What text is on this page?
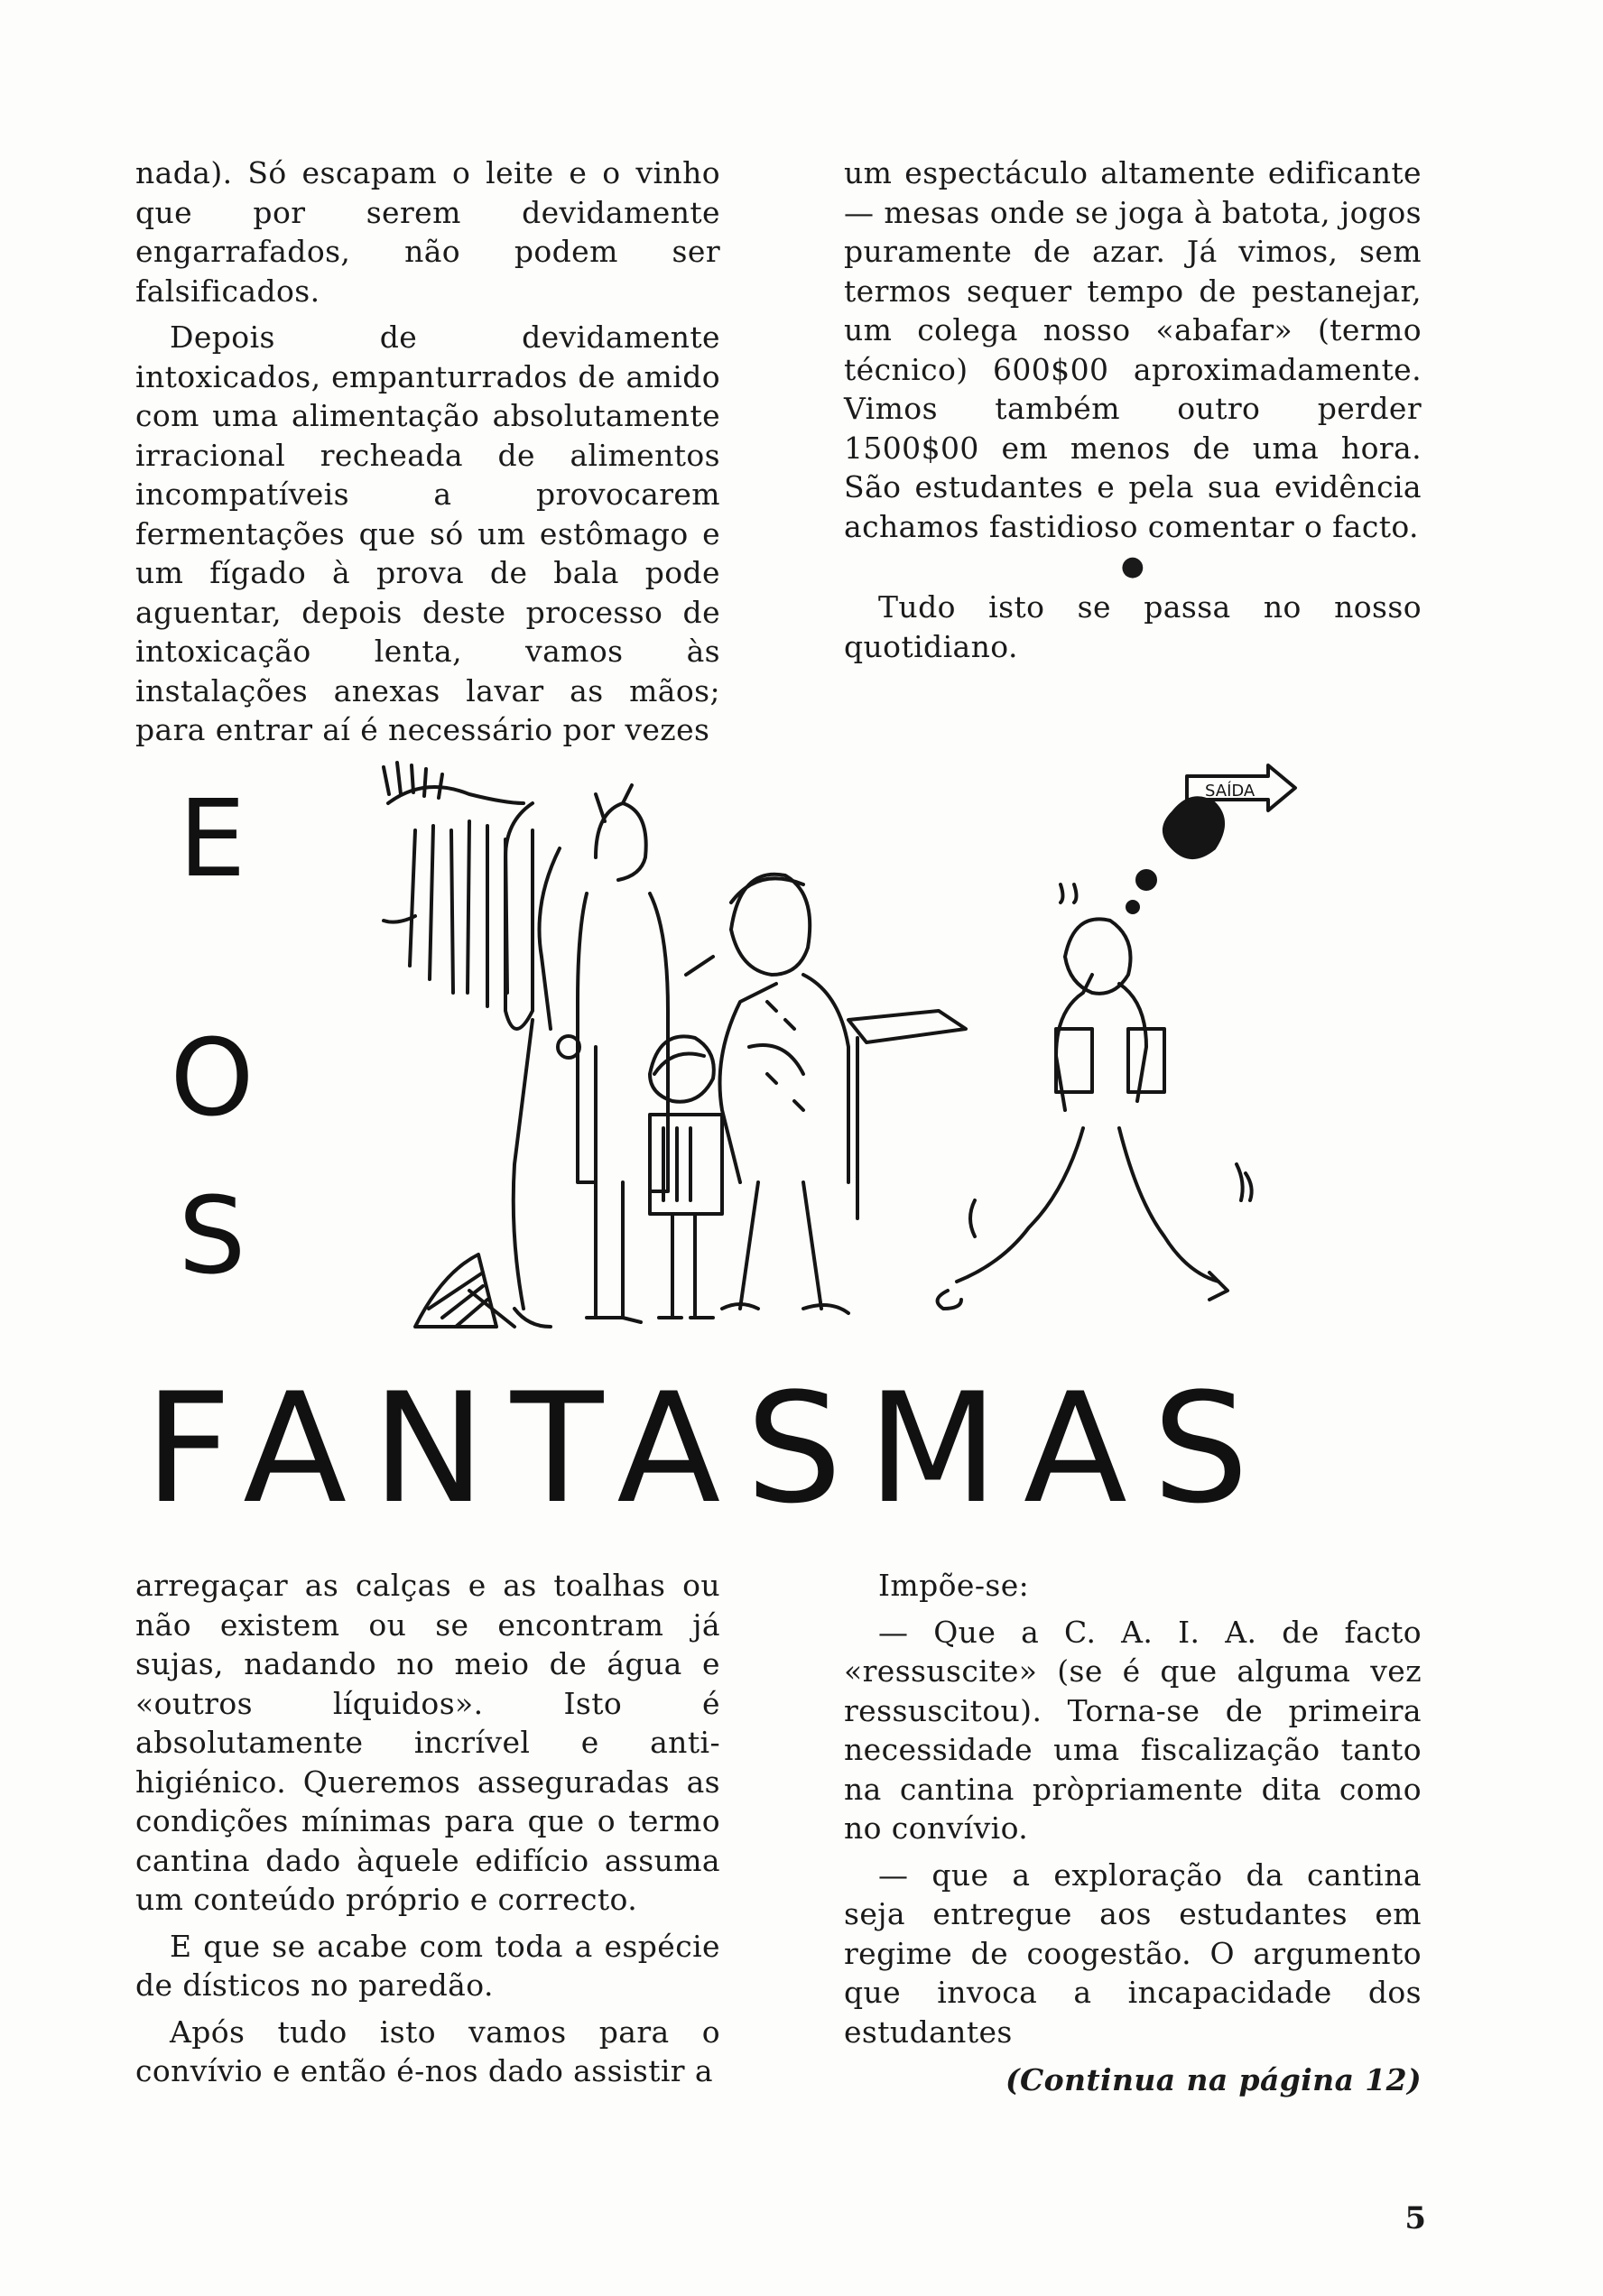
nada). Só escapam o leite e o vinho que por serem devidamente engarrafados, não podem ser falsificados.

Depois de devidamente intoxicados, empanturrados de amido com uma alimentação absolutamente irracional recheada de alimentos incompatíveis a provocarem fermentações que só um estômago e um fígado à prova de bala pode aguentar, depois deste processo de intoxicação lenta, vamos às instalações anexas lavar as mãos; para entrar aí é necessário por vezes

um espectáculo altamente edificante — mesas onde se joga à batota, jogos puramente de azar. Já vimos, sem termos sequer tempo de pestanejar, um colega nosso «abafar» (termo técnico) 600$00 aproximadamente. Vimos também outro perder 1500$00 em menos de uma hora. São estudantes e pela sua evidência achamos fastidioso comentar o facto.

●

Tudo isto se passa no nosso quotidiano.

E
O
S
SAÍDA
FANTASMAS

arregaçar as calças e as toalhas ou não existem ou se encontram já sujas, nadando no meio de água e «outros líquidos». Isto é absolutamente incrível e anti-higiénico. Queremos asseguradas as condições mínimas para que o termo cantina dado àquele edifício assuma um conteúdo próprio e correcto.

E que se acabe com toda a espécie de dísticos no paredão.

Após tudo isto vamos para o convívio e então é-nos dado assistir a

Impõe-se:

— Que a C. A. I. A. de facto «ressuscite» (se é que alguma vez ressuscitou). Torna-se de primeira necessidade uma fiscalização tanto na cantina pròpriamente dita como no convívio.

— que a exploração da cantina seja entregue aos estudantes em regime de coogestão. O argumento que invoca a incapacidade dos estudantes

(Continua na página 12)
5
